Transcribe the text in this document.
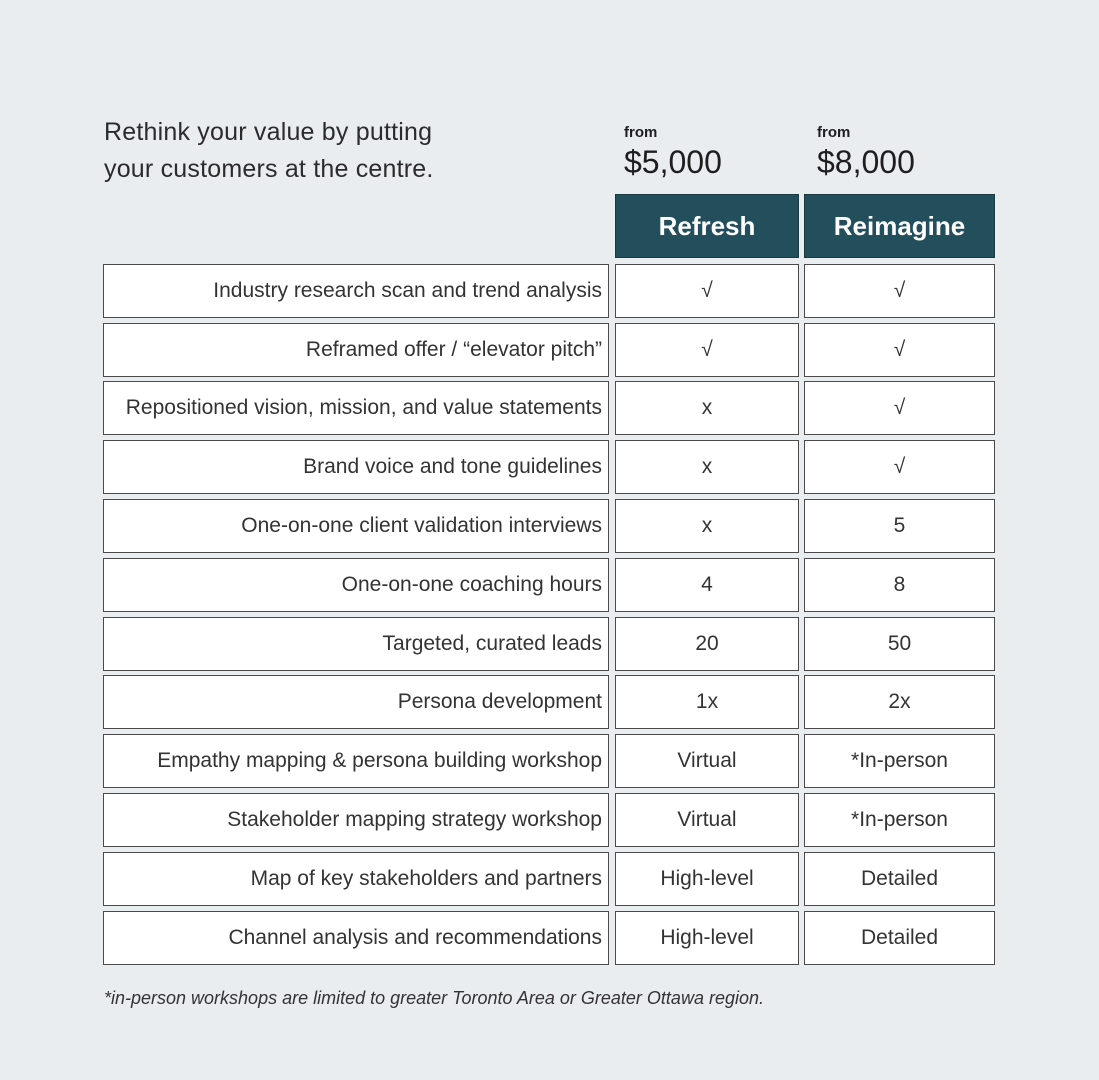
Rethink your value by putting
your customers at the centre.
from
$5,000
from
$8,000
Refresh	Reimagine
Industry research scan and trend analysis	√	√
Reframed offer / “elevator pitch”	√	√
Repositioned vision, mission, and value statements	x	√
Brand voice and tone guidelines	x	√
One-on-one client validation interviews	x	5
One-on-one coaching hours	4	8
Targeted, curated leads	20	50
Persona development	1x	2x
Empathy mapping & persona building workshop	Virtual	*In-person
Stakeholder mapping strategy workshop	Virtual	*In-person
Map of key stakeholders and partners	High-level	Detailed
Channel analysis and recommendations	High-level	Detailed
*in-person workshops are limited to greater Toronto Area or Greater Ottawa region.
